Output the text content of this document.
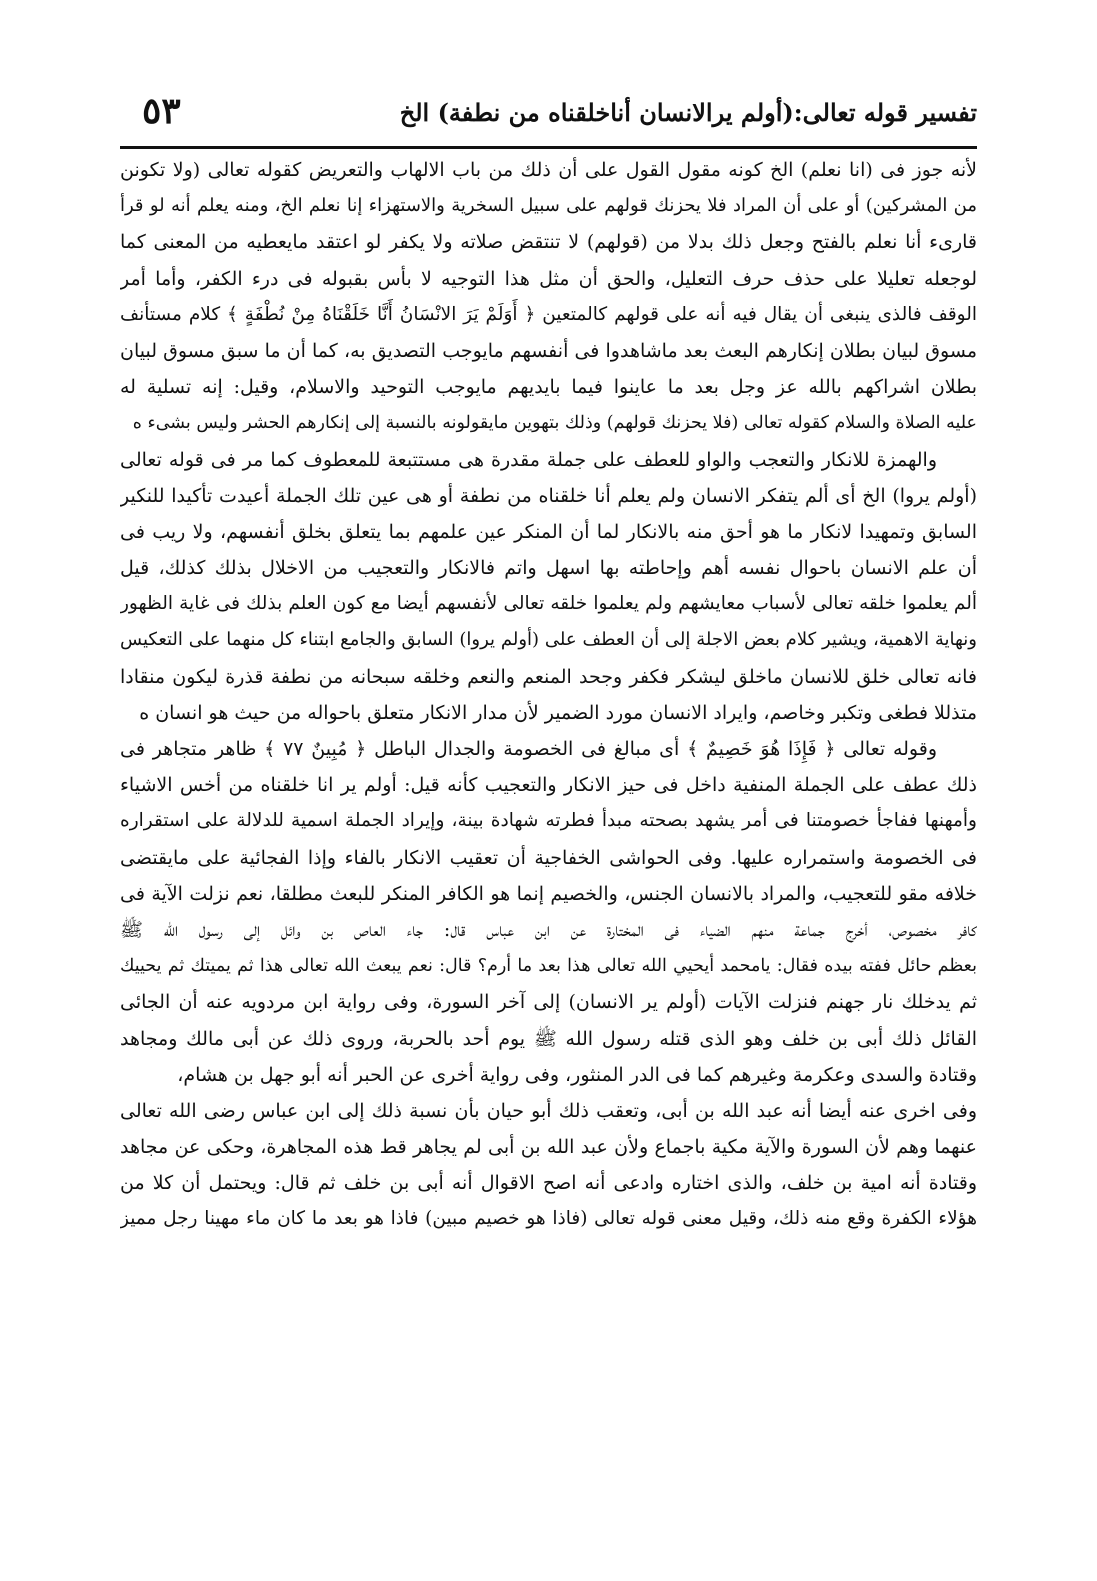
تفسير قوله تعالى:(أولم يرالانسان أناخلقناه من نطفة) الخ
٥٣
لأنه جوز فى (انا نعلم) الخ كونه مقول القول على أن ذلك من باب الالهاب والتعريض كقوله تعالى (ولا تكونن
من المشركين) أو على أن المراد فلا يحزنك قولهم على سبيل السخرية والاستهزاء إنا نعلم الخ، ومنه يعلم أنه لو قرأ
قارىء أنا نعلم بالفتح وجعل ذلك بدلا من (قولهم) لا تنتقض صلاته ولا يكفر لو اعتقد مايعطيه من المعنى كما
لوجعله تعليلا على حذف حرف التعليل، والحق أن مثل هذا التوجيه لا بأس بقبوله فى درء الكفر، وأما أمر
الوقف فالذى ينبغى أن يقال فيه أنه على قولهم كالمتعين ﴿ أَوَلَمْ يَرَ الانْسَانُ أَنَّا خَلَقْنَاهُ مِنْ نُطْفَةٍ ﴾ كلام مستأنف
مسوق لبيان بطلان إنكارهم البعث بعد ماشاهدوا فى أنفسهم مايوجب التصديق به، كما أن ما سبق مسوق لبيان
بطلان اشراكهم بالله عز وجل بعد ما عاينوا فيما بايديهم مايوجب التوحيد والاسلام، وقيل: إنه تسلية له
عليه الصلاة والسلام كقوله تعالى (فلا يحزنك قولهم) وذلك بتهوين مايقولونه بالنسبة إلى إنكارهم الحشر وليس بشىء ه
والهمزة للانكار والتعجب والواو للعطف على جملة مقدرة هى مستتبعة للمعطوف كما مر فى قوله تعالى
(أولم يروا) الخ أى ألم يتفكر الانسان ولم يعلم أنا خلقناه من نطفة أو هى عين تلك الجملة أعيدت تأكيدا للنكير
السابق وتمهيدا لانكار ما هو أحق منه بالانكار لما أن المنكر عين علمهم بما يتعلق بخلق أنفسهم، ولا ريب فى
أن علم الانسان باحوال نفسه أهم وإحاطته بها اسهل واتم فالانكار والتعجيب من الاخلال بذلك كذلك، قيل
ألم يعلموا خلقه تعالى لأسباب معايشهم ولم يعلموا خلقه تعالى لأنفسهم أيضا مع كون العلم بذلك فى غاية الظهور
ونهاية الاهمية، ويشير كلام بعض الاجلة إلى أن العطف على (أولم يروا) السابق والجامع ابتناء كل منهما على التعكيس
فانه تعالى خلق للانسان ماخلق ليشكر فكفر وجحد المنعم والنعم وخلقه سبحانه من نطفة قذرة ليكون منقادا
متذللا فطغى وتكبر وخاصم، وايراد الانسان مورد الضمير لأن مدار الانكار متعلق باحواله من حيث هو انسان ه
وقوله تعالى ﴿ فَإِذَا هُوَ خَصِيمٌ ﴾ أى مبالغ فى الخصومة والجدال الباطل ﴿ مُبِينٌ ٧٧ ﴾ ظاهر متجاهر فى
ذلك عطف على الجملة المنفية داخل فى حيز الانكار والتعجيب كأنه قيل: أولم ير انا خلقناه من أخس الاشياء
وأمهنها ففاجأ خصومتنا فى أمر يشهد بصحته مبدأ فطرته شهادة بينة، وإيراد الجملة اسمية للدلالة على استقراره
فى الخصومة واستمراره عليها. وفى الحواشى الخفاجية أن تعقيب الانكار بالفاء وإذا الفجائية على مايقتضى
خلافه مقو للتعجيب، والمراد بالانسان الجنس، والخصيم إنما هو الكافر المنكر للبعث مطلقا، نعم نزلت الآية فى
كافر مخصوص، أخرج جماعة منهم الضياء فى المختارة عن ابن عباس قال: جاء العاص بن وائل إلى رسول الله ﷺ
بعظم حائل ففته بيده فقال: يامحمد أيحيي الله تعالى هذا بعد ما أرم؟ قال: نعم يبعث الله تعالى هذا ثم يميتك ثم يحييك
ثم يدخلك نار جهنم فنزلت الآيات (أولم ير الانسان) إلى آخر السورة، وفى رواية ابن مردويه عنه أن الجائى
القائل ذلك أبى بن خلف وهو الذى قتله رسول الله ﷺ يوم أحد بالحربة، وروى ذلك عن أبى مالك ومجاهد
وقتادة والسدى وعكرمة وغيرهم كما فى الدر المنثور، وفى رواية أخرى عن الحبر أنه أبو جهل بن هشام،
وفى اخرى عنه أيضا أنه عبد الله بن أبى، وتعقب ذلك أبو حيان بأن نسبة ذلك إلى ابن عباس رضى الله تعالى
عنهما وهم لأن السورة والآية مكية باجماع ولأن عبد الله بن أبى لم يجاهر قط هذه المجاهرة، وحكى عن مجاهد
وقتادة أنه امية بن خلف، والذى اختاره وادعى أنه اصح الاقوال أنه أبى بن خلف ثم قال: ويحتمل أن كلا من
هؤلاء الكفرة وقع منه ذلك، وقيل معنى قوله تعالى (فاذا هو خصيم مبين) فاذا هو بعد ما كان ماء مهينا رجل مميز
